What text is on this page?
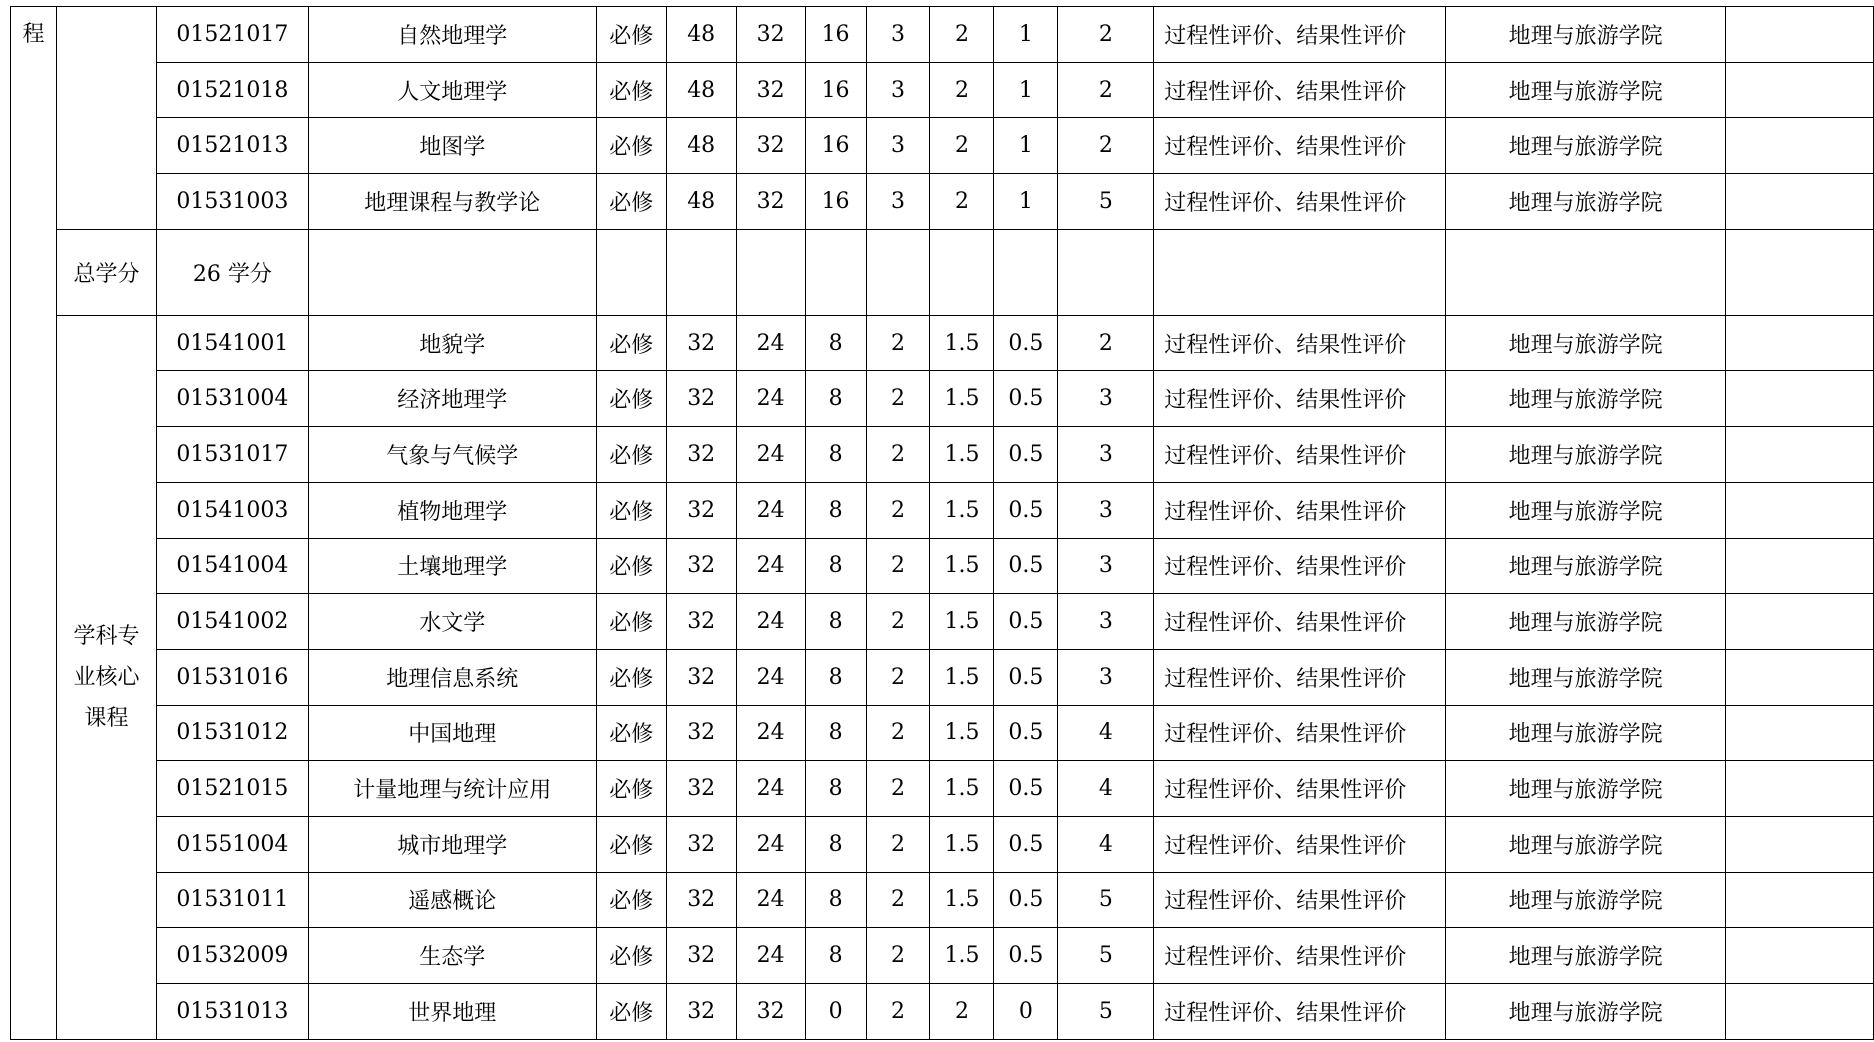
程		01521017	自然地理学	必修	48	32	16	3	2	1	2	过程性评价、结果性评价	地理与旅游学院	
		01521018	人文地理学	必修	48	32	16	3	2	1	2	过程性评价、结果性评价	地理与旅游学院	
		01521013	地图学	必修	48	32	16	3	2	1	2	过程性评价、结果性评价	地理与旅游学院	
		01531003	地理课程与教学论	必修	48	32	16	3	2	1	5	过程性评价、结果性评价	地理与旅游学院	
	总学分	26 学分												

	学科专
业核心
课程	01541001	地貌学	必修	32	24	8	2	1.5	0.5	2	过程性评价、结果性评价	地理与旅游学院	
		01531004	经济地理学	必修	32	24	8	2	1.5	0.5	3	过程性评价、结果性评价	地理与旅游学院	
		01531017	气象与气候学	必修	32	24	8	2	1.5	0.5	3	过程性评价、结果性评价	地理与旅游学院	
		01541003	植物地理学	必修	32	24	8	2	1.5	0.5	3	过程性评价、结果性评价	地理与旅游学院	
		01541004	土壤地理学	必修	32	24	8	2	1.5	0.5	3	过程性评价、结果性评价	地理与旅游学院	
		01541002	水文学	必修	32	24	8	2	1.5	0.5	3	过程性评价、结果性评价	地理与旅游学院	
		01531016	地理信息系统	必修	32	24	8	2	1.5	0.5	3	过程性评价、结果性评价	地理与旅游学院	
		01531012	中国地理	必修	32	24	8	2	1.5	0.5	4	过程性评价、结果性评价	地理与旅游学院	
		01521015	计量地理与统计应用	必修	32	24	8	2	1.5	0.5	4	过程性评价、结果性评价	地理与旅游学院	
		01551004	城市地理学	必修	32	24	8	2	1.5	0.5	4	过程性评价、结果性评价	地理与旅游学院	
		01531011	遥感概论	必修	32	24	8	2	1.5	0.5	5	过程性评价、结果性评价	地理与旅游学院	
		01532009	生态学	必修	32	24	8	2	1.5	0.5	5	过程性评价、结果性评价	地理与旅游学院	
		01531013	世界地理	必修	32	32	0	2	2	0	5	过程性评价、结果性评价	地理与旅游学院	
